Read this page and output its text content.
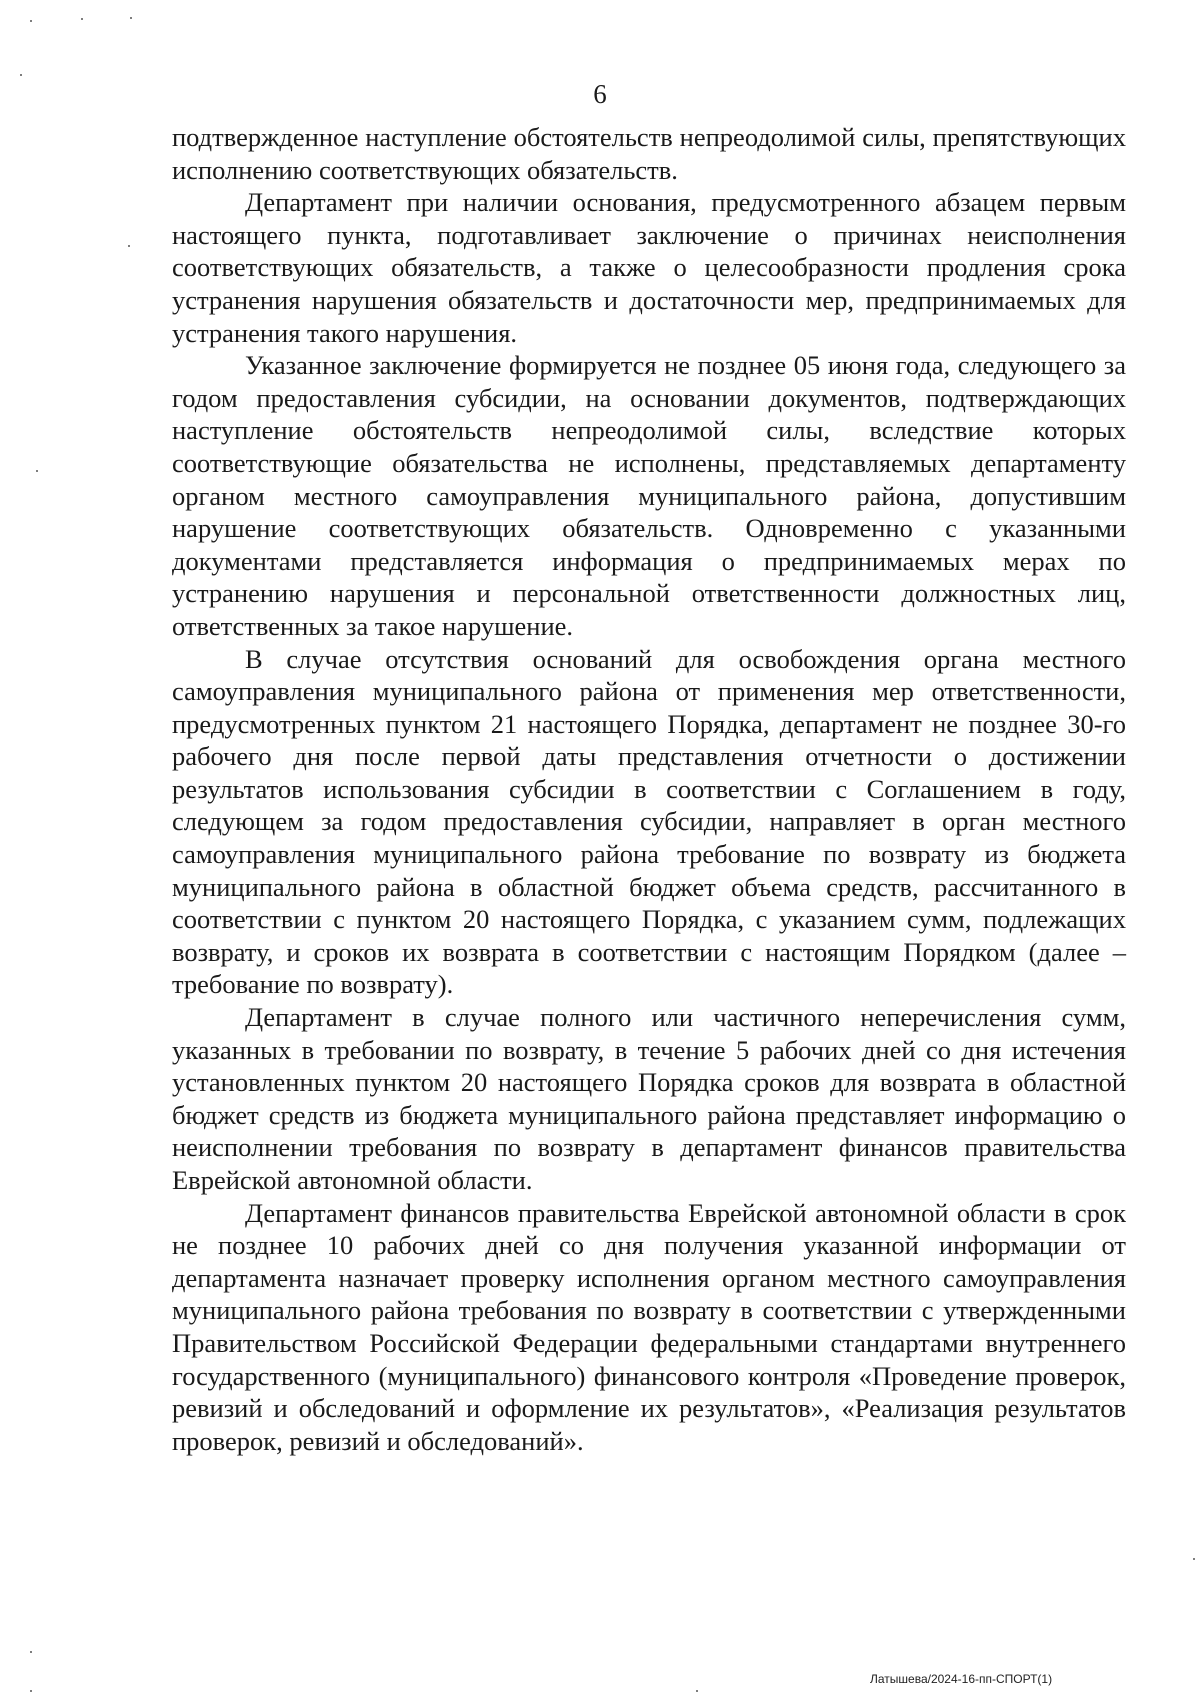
6

подтвержденное наступление обстоятельств непреодолимой силы, препятствующих исполнению соответствующих обязательств.

Департамент при наличии основания, предусмотренного абзацем первым настоящего пункта, подготавливает заключение о причинах неисполнения соответствующих обязательств, а также о целесообразности продления срока устранения нарушения обязательств и достаточности мер, предпринимаемых для устранения такого нарушения.

Указанное заключение формируется не позднее 05 июня года, следующего за годом предоставления субсидии, на основании документов, подтверждающих наступление обстоятельств непреодолимой силы, вследствие которых соответствующие обязательства не исполнены, представляемых департаменту органом местного самоуправления муниципального района, допустившим нарушение соответствующих обязательств. Одновременно с указанными документами представляется информация о предпринимаемых мерах по устранению нарушения и персональной ответственности должностных лиц, ответственных за такое нарушение.

В случае отсутствия оснований для освобождения органа местного самоуправления муниципального района от применения мер ответственности, предусмотренных пунктом 21 настоящего Порядка, департамент не позднее 30-го рабочего дня после первой даты представления отчетности о достижении результатов использования субсидии в соответствии с Соглашением в году, следующем за годом предоставления субсидии, направляет в орган местного самоуправления муниципального района требование по возврату из бюджета муниципального района в областной бюджет объема средств, рассчитанного в соответствии с пунктом 20 настоящего Порядка, с указанием сумм, подлежащих возврату, и сроков их возврата в соответствии с настоящим Порядком (далее – требование по возврату).

Департамент в случае полного или частичного неперечисления сумм, указанных в требовании по возврату, в течение 5 рабочих дней со дня истечения установленных пунктом 20 настоящего Порядка сроков для возврата в областной бюджет средств из бюджета муниципального района представляет информацию о неисполнении требования по возврату в департамент финансов правительства Еврейской автономной области.

Департамент финансов правительства Еврейской автономной области в срок не позднее 10 рабочих дней со дня получения указанной информации от департамента назначает проверку исполнения органом местного самоуправления муниципального района требования по возврату в соответствии с утвержденными Правительством Российской Федерации федеральными стандартами внутреннего государственного (муниципального) финансового контроля «Проведение проверок, ревизий и обследований и оформление их результатов», «Реализация результатов проверок, ревизий и обследований».

Латышева/2024-16-пп-СПОРТ(1)
